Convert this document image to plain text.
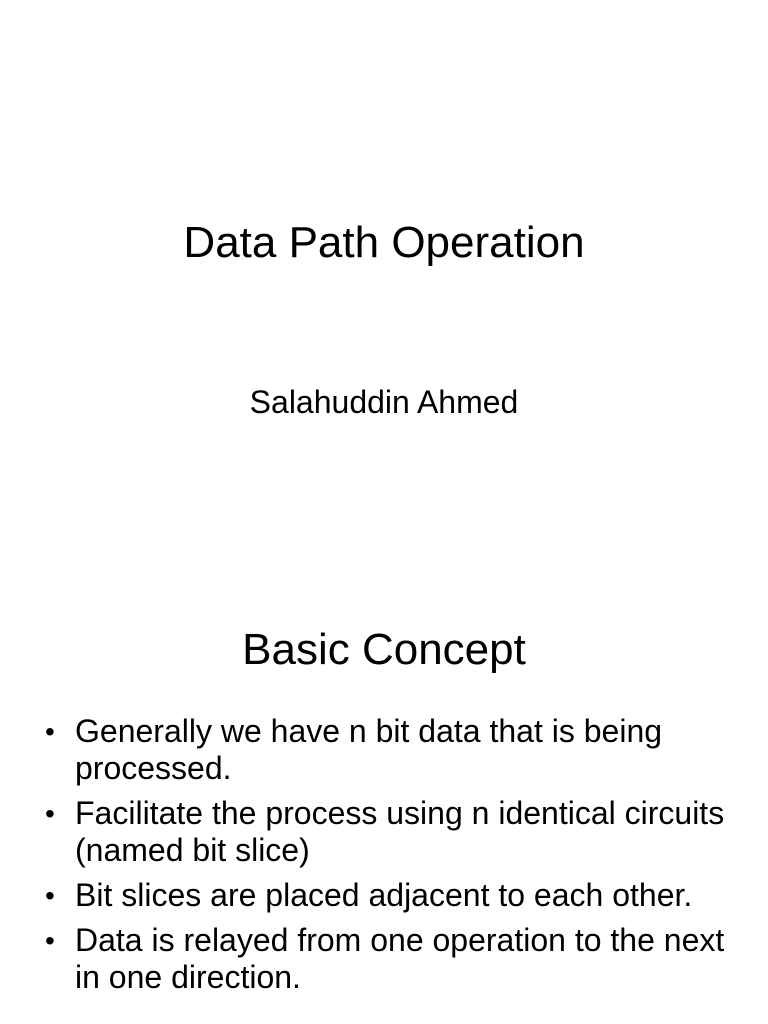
Data Path Operation
Salahuddin Ahmed
Basic Concept
• Generally we have n bit data that is being processed.
• Facilitate the process using n identical circuits (named bit slice)
• Bit slices are placed adjacent to each other.
• Data is relayed from one operation to the next in one direction.
